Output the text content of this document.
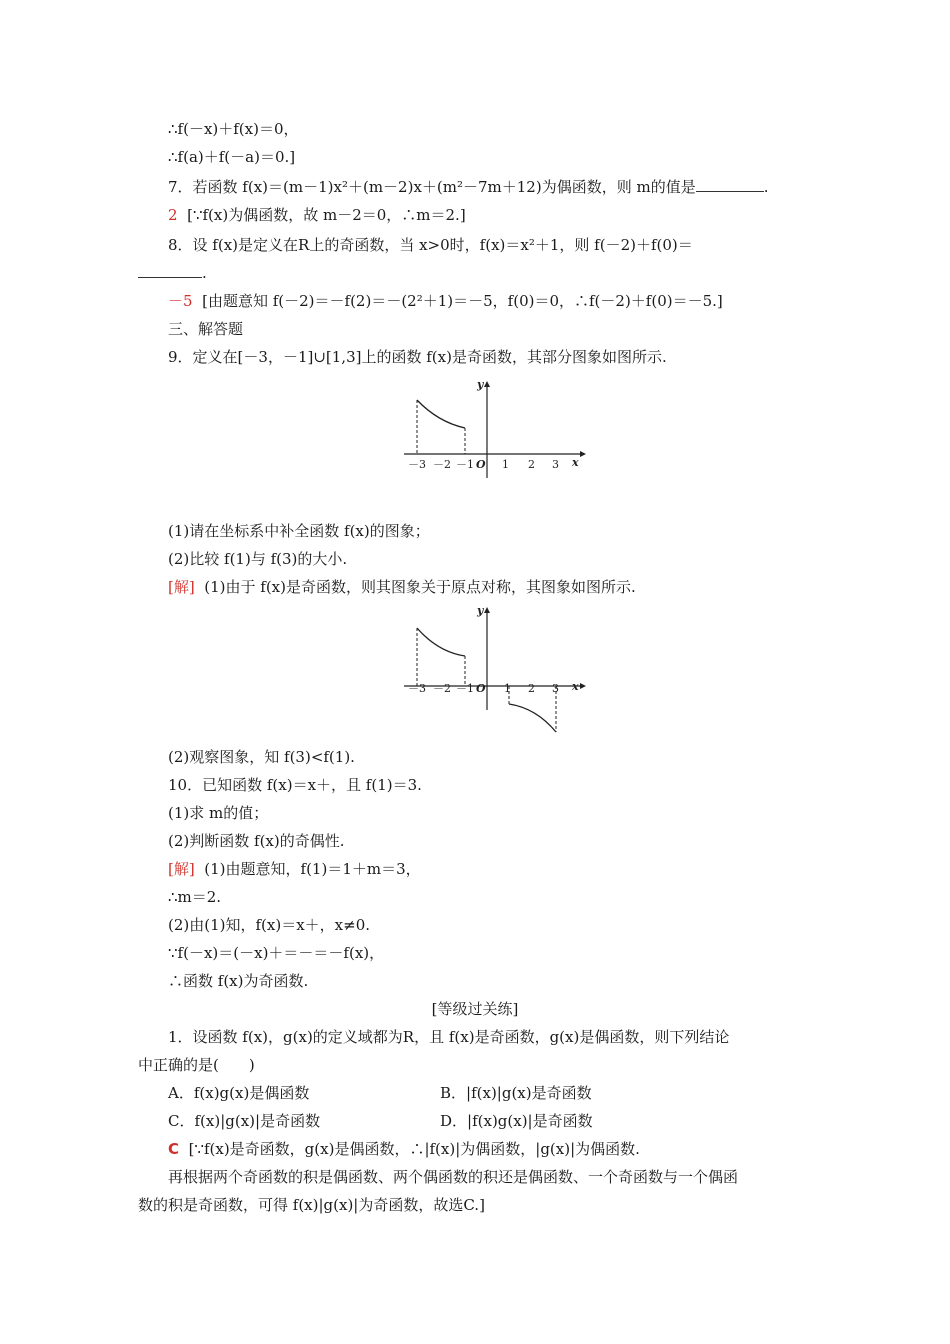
∴f(－x)＋f(x)＝0，
∴f(a)＋f(－a)＝0.]
7．若函数 f(x)＝(m－1)x²＋(m－2)x＋(m²－7m＋12)为偶函数，则 m的值是	.
2 [∵f(x)为偶函数，故 m－2＝0，∴m＝2.]
8．设 f(x)是定义在R上的奇函数，当 x>0时，f(x)＝x²＋1，则 f(－2)＋f(0)＝
.
－5 [由题意知 f(－2)＝－f(2)＝－(2²＋1)＝－5，f(0)＝0，∴f(－2)＋f(0)＝－5.]
三、解答题
9．定义在[－3，－1]∪[1,3]上的函数 f(x)是奇函数，其部分图象如图所示.
y
x
O
－3 －2 －1	1 2 3
(1)请在坐标系中补全函数 f(x)的图象；
(2)比较 f(1)与 f(3)的大小.
[解] (1)由于 f(x)是奇函数，则其图象关于原点对称，其图象如图所示.
y
x
O
－3 －2 －1	1 2 3
(2)观察图象，知 f(3)<f(1).
10．已知函数 f(x)＝x＋，且 f(1)＝3.
(1)求 m的值；
(2)判断函数 f(x)的奇偶性.
[解] (1)由题意知，f(1)＝1＋m＝3，
∴m＝2.
(2)由(1)知，f(x)＝x＋，x≠0.
∵f(－x)＝(－x)＋＝－＝－f(x)，
∴函数 f(x)为奇函数.
[等级过关练]
1．设函数 f(x)，g(x)的定义域都为R，且 f(x)是奇函数，g(x)是偶函数，则下列结论
中正确的是(　　)
A．f(x)g(x)是偶函数	B．|f(x)|g(x)是奇函数
C．f(x)|g(x)|是奇函数	D．|f(x)g(x)|是奇函数
C [∵f(x)是奇函数，g(x)是偶函数，∴|f(x)|为偶函数，|g(x)|为偶函数.
再根据两个奇函数的积是偶函数、两个偶函数的积还是偶函数、一个奇函数与一个偶函
数的积是奇函数，可得 f(x)|g(x)|为奇函数，故选C.]
